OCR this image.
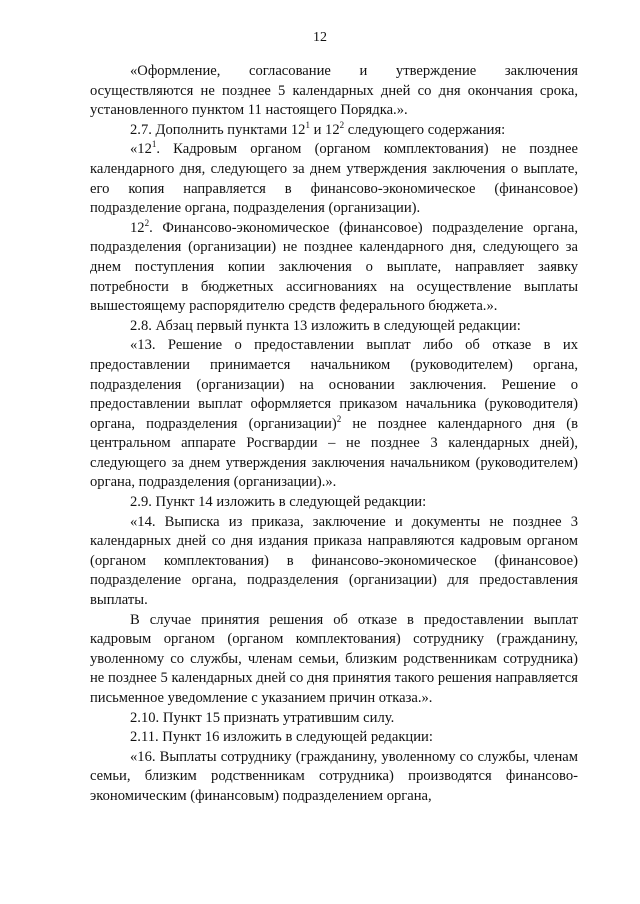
12

«Оформление, согласование и утверждение заключения осуществляются не позднее 5 календарных дней со дня окончания срока, установленного пунктом 11 настоящего Порядка.».

2.7. Дополнить пунктами $12^1$ и $12^2$ следующего содержания:

«$12^1$. Кадровым органом (органом комплектования) не позднее календарного дня, следующего за днем утверждения заключения о выплате, его копия направляется в финансово-экономическое (финансовое) подразделение органа, подразделения (организации).

$12^2$. Финансово-экономическое (финансовое) подразделение органа, подразделения (организации) не позднее календарного дня, следующего за днем поступления копии заключения о выплате, направляет заявку потребности в бюджетных ассигнованиях на осуществление выплаты вышестоящему распорядителю средств федерального бюджета.».

2.8. Абзац первый пункта 13 изложить в следующей редакции:

«13. Решение о предоставлении выплат либо об отказе в их предоставлении принимается начальником (руководителем) органа, подразделения (организации) на основании заключения. Решение о предоставлении выплат оформляется приказом начальника (руководителя) органа, подразделения (организации)$^2$ не позднее календарного дня (в центральном аппарате Росгвардии – не позднее 3 календарных дней), следующего за днем утверждения заключения начальником (руководителем) органа, подразделения (организации).».

2.9. Пункт 14 изложить в следующей редакции:

«14. Выписка из приказа, заключение и документы не позднее 3 календарных дней со дня издания приказа направляются кадровым органом (органом комплектования) в финансово-экономическое (финансовое) подразделение органа, подразделения (организации) для предоставления выплаты.

В случае принятия решения об отказе в предоставлении выплат кадровым органом (органом комплектования) сотруднику (гражданину, уволенному со службы, членам семьи, близким родственникам сотрудника) не позднее 5 календарных дней со дня принятия такого решения направляется письменное уведомление с указанием причин отказа.».

2.10. Пункт 15 признать утратившим силу.

2.11. Пункт 16 изложить в следующей редакции:

«16. Выплаты сотруднику (гражданину, уволенному со службы, членам семьи, близким родственникам сотрудника) производятся финансово-экономическим (финансовым) подразделением органа,
